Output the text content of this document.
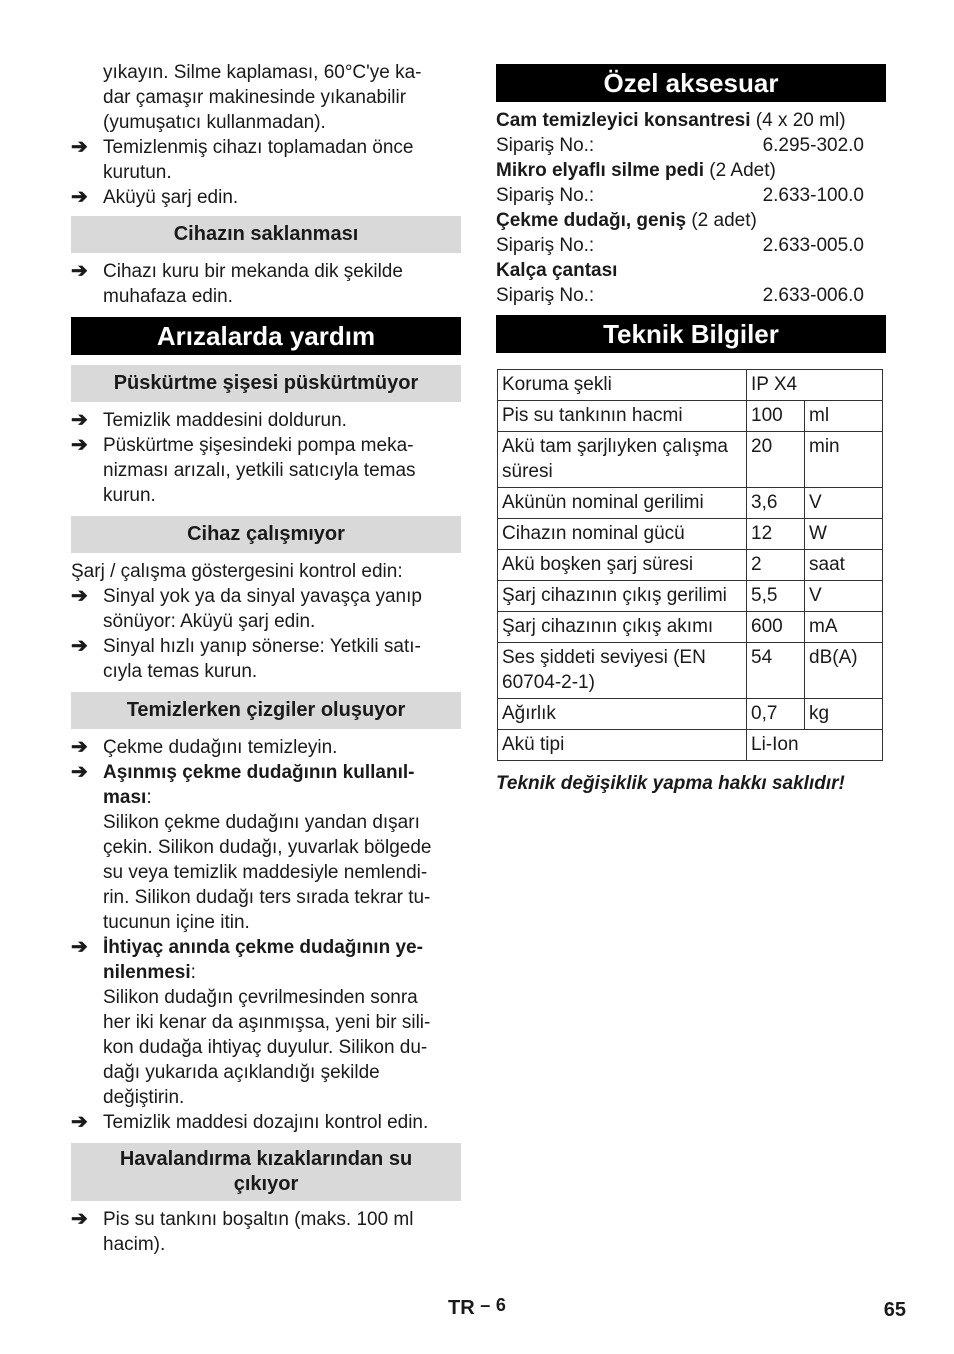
yıkayın. Silme kaplaması, 60°C'ye ka-
dar çamaşır makinesinde yıkanabilir
(yumuşatıcı kullanmadan).
➔ Temizlenmiş cihazı toplamadan önce
kurutun.
➔ Aküyü şarj edin.
Cihazın saklanması
➔ Cihazı kuru bir mekanda dik şekilde
muhafaza edin.
Arızalarda yardım
Püskürtme şişesi püskürtmüyor
➔ Temizlik maddesini doldurun.
➔ Püskürtme şişesindeki pompa meka-
nizması arızalı, yetkili satıcıyla temas
kurun.
Cihaz çalışmıyor
Şarj / çalışma göstergesini kontrol edin:
➔ Sinyal yok ya da sinyal yavaşça yanıp
sönüyor: Aküyü şarj edin.
➔ Sinyal hızlı yanıp sönerse: Yetkili satı-
cıyla temas kurun.
Temizlerken çizgiler oluşuyor
➔ Çekme dudağını temizleyin.
➔ Aşınmış çekme dudağının kullanıl-
ması:
Silikon çekme dudağını yandan dışarı
çekin. Silikon dudağı, yuvarlak bölgede
su veya temizlik maddesiyle nemlendi-
rin. Silikon dudağı ters sırada tekrar tu-
tucunun içine itin.
➔ İhtiyaç anında çekme dudağının ye-
nilenmesi:
Silikon dudağın çevrilmesinden sonra
her iki kenar da aşınmışsa, yeni bir sili-
kon dudağa ihtiyaç duyulur. Silikon du-
dağı yukarıda açıklandığı şekilde
değiştirin.
➔ Temizlik maddesi dozajını kontrol edin.
Havalandırma kızaklarından su
çıkıyor
➔ Pis su tankını boşaltın (maks. 100 ml
hacim).
Özel aksesuar
Cam temizleyici konsantresi (4 x 20 ml)
Sipariş No.:	6.295-302.0
Mikro elyaflı silme pedi (2 Adet)
Sipariş No.:	2.633-100.0
Çekme dudağı, geniş (2 adet)
Sipariş No.:	2.633-005.0
Kalça çantası
Sipariş No.:	2.633-006.0
Teknik Bilgiler
Koruma şekli	IP X4	
Pis su tankının hacmi	100	ml
Akü tam şarjlıyken çalışma süresi	20	min
Akünün nominal gerilimi	3,6	V
Cihazın nominal gücü	12	W
Akü boşken şarj süresi	2	saat
Şarj cihazının çıkış gerilimi	5,5	V
Şarj cihazının çıkış akımı	600	mA
Ses şiddeti seviyesi (EN 60704-2-1)	54	dB(A)
Ağırlık	0,7	kg
Akü tipi	Li-Ion	
Teknik değişiklik yapma hakkı saklıdır!
TR – 6	65
